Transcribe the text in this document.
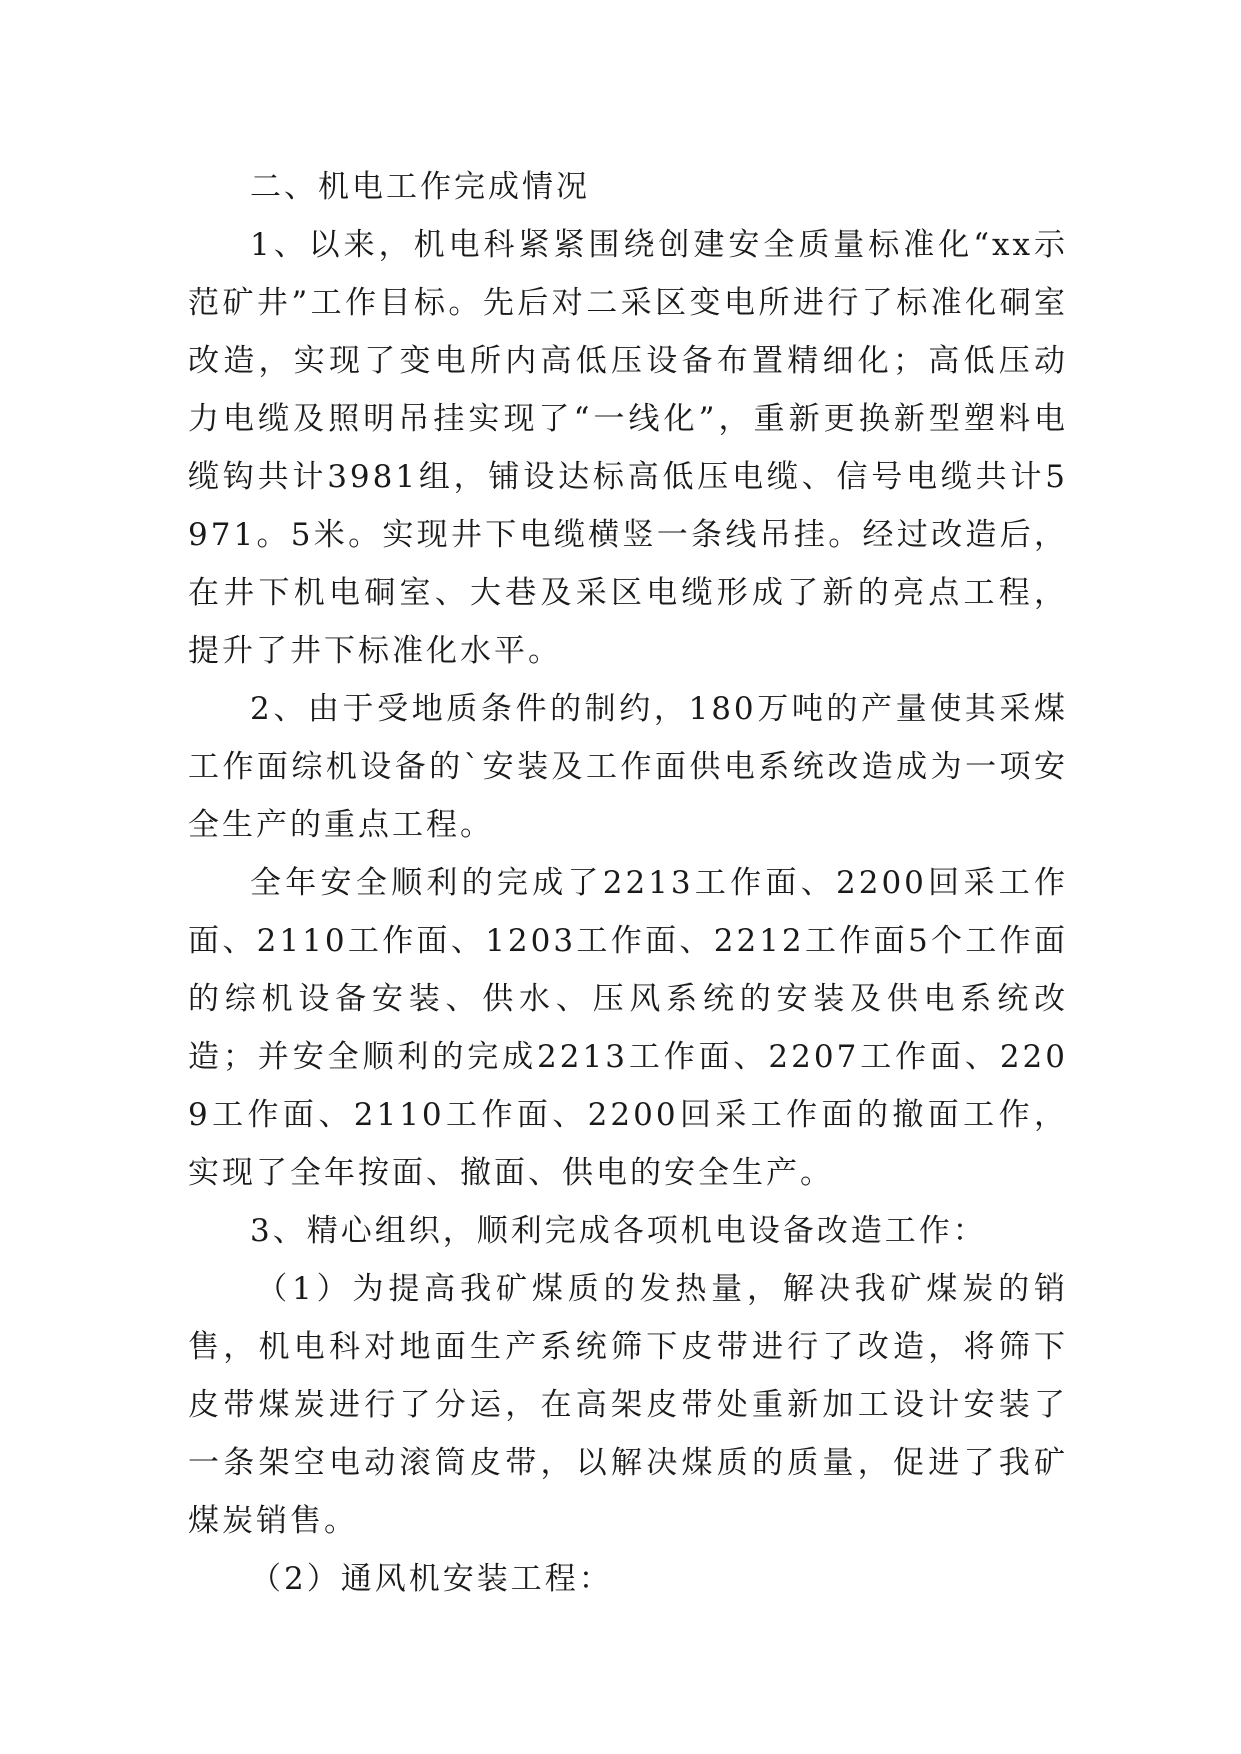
二、机电工作完成情况

1、以来，机电科紧紧围绕创建安全质量标准化“xx示范矿井”工作目标。先后对二采区变电所进行了标准化硐室改造，实现了变电所内高低压设备布置精细化；高低压动力电缆及照明吊挂实现了“一线化”，重新更换新型塑料电缆钩共计3981组，铺设达标高低压电缆、信号电缆共计5971。5米。实现井下电缆横竖一条线吊挂。经过改造后，在井下机电硐室、大巷及采区电缆形成了新的亮点工程，提升了井下标准化水平。

2、由于受地质条件的制约，180万吨的产量使其采煤工作面综机设备的`安装及工作面供电系统改造成为一项安全生产的重点工程。

全年安全顺利的完成了2213工作面、2200回采工作面、2110工作面、1203工作面、2212工作面5个工作面的综机设备安装、供水、压风系统的安装及供电系统改造；并安全顺利的完成2213工作面、2207工作面、2209工作面、2110工作面、2200回采工作面的撤面工作，实现了全年按面、撤面、供电的安全生产。

3、精心组织，顺利完成各项机电设备改造工作：

（1）为提高我矿煤质的发热量，解决我矿煤炭的销售，机电科对地面生产系统筛下皮带进行了改造，将筛下皮带煤炭进行了分运，在高架皮带处重新加工设计安装了一条架空电动滚筒皮带，以解决煤质的质量，促进了我矿煤炭销售。

（2）通风机安装工程：
